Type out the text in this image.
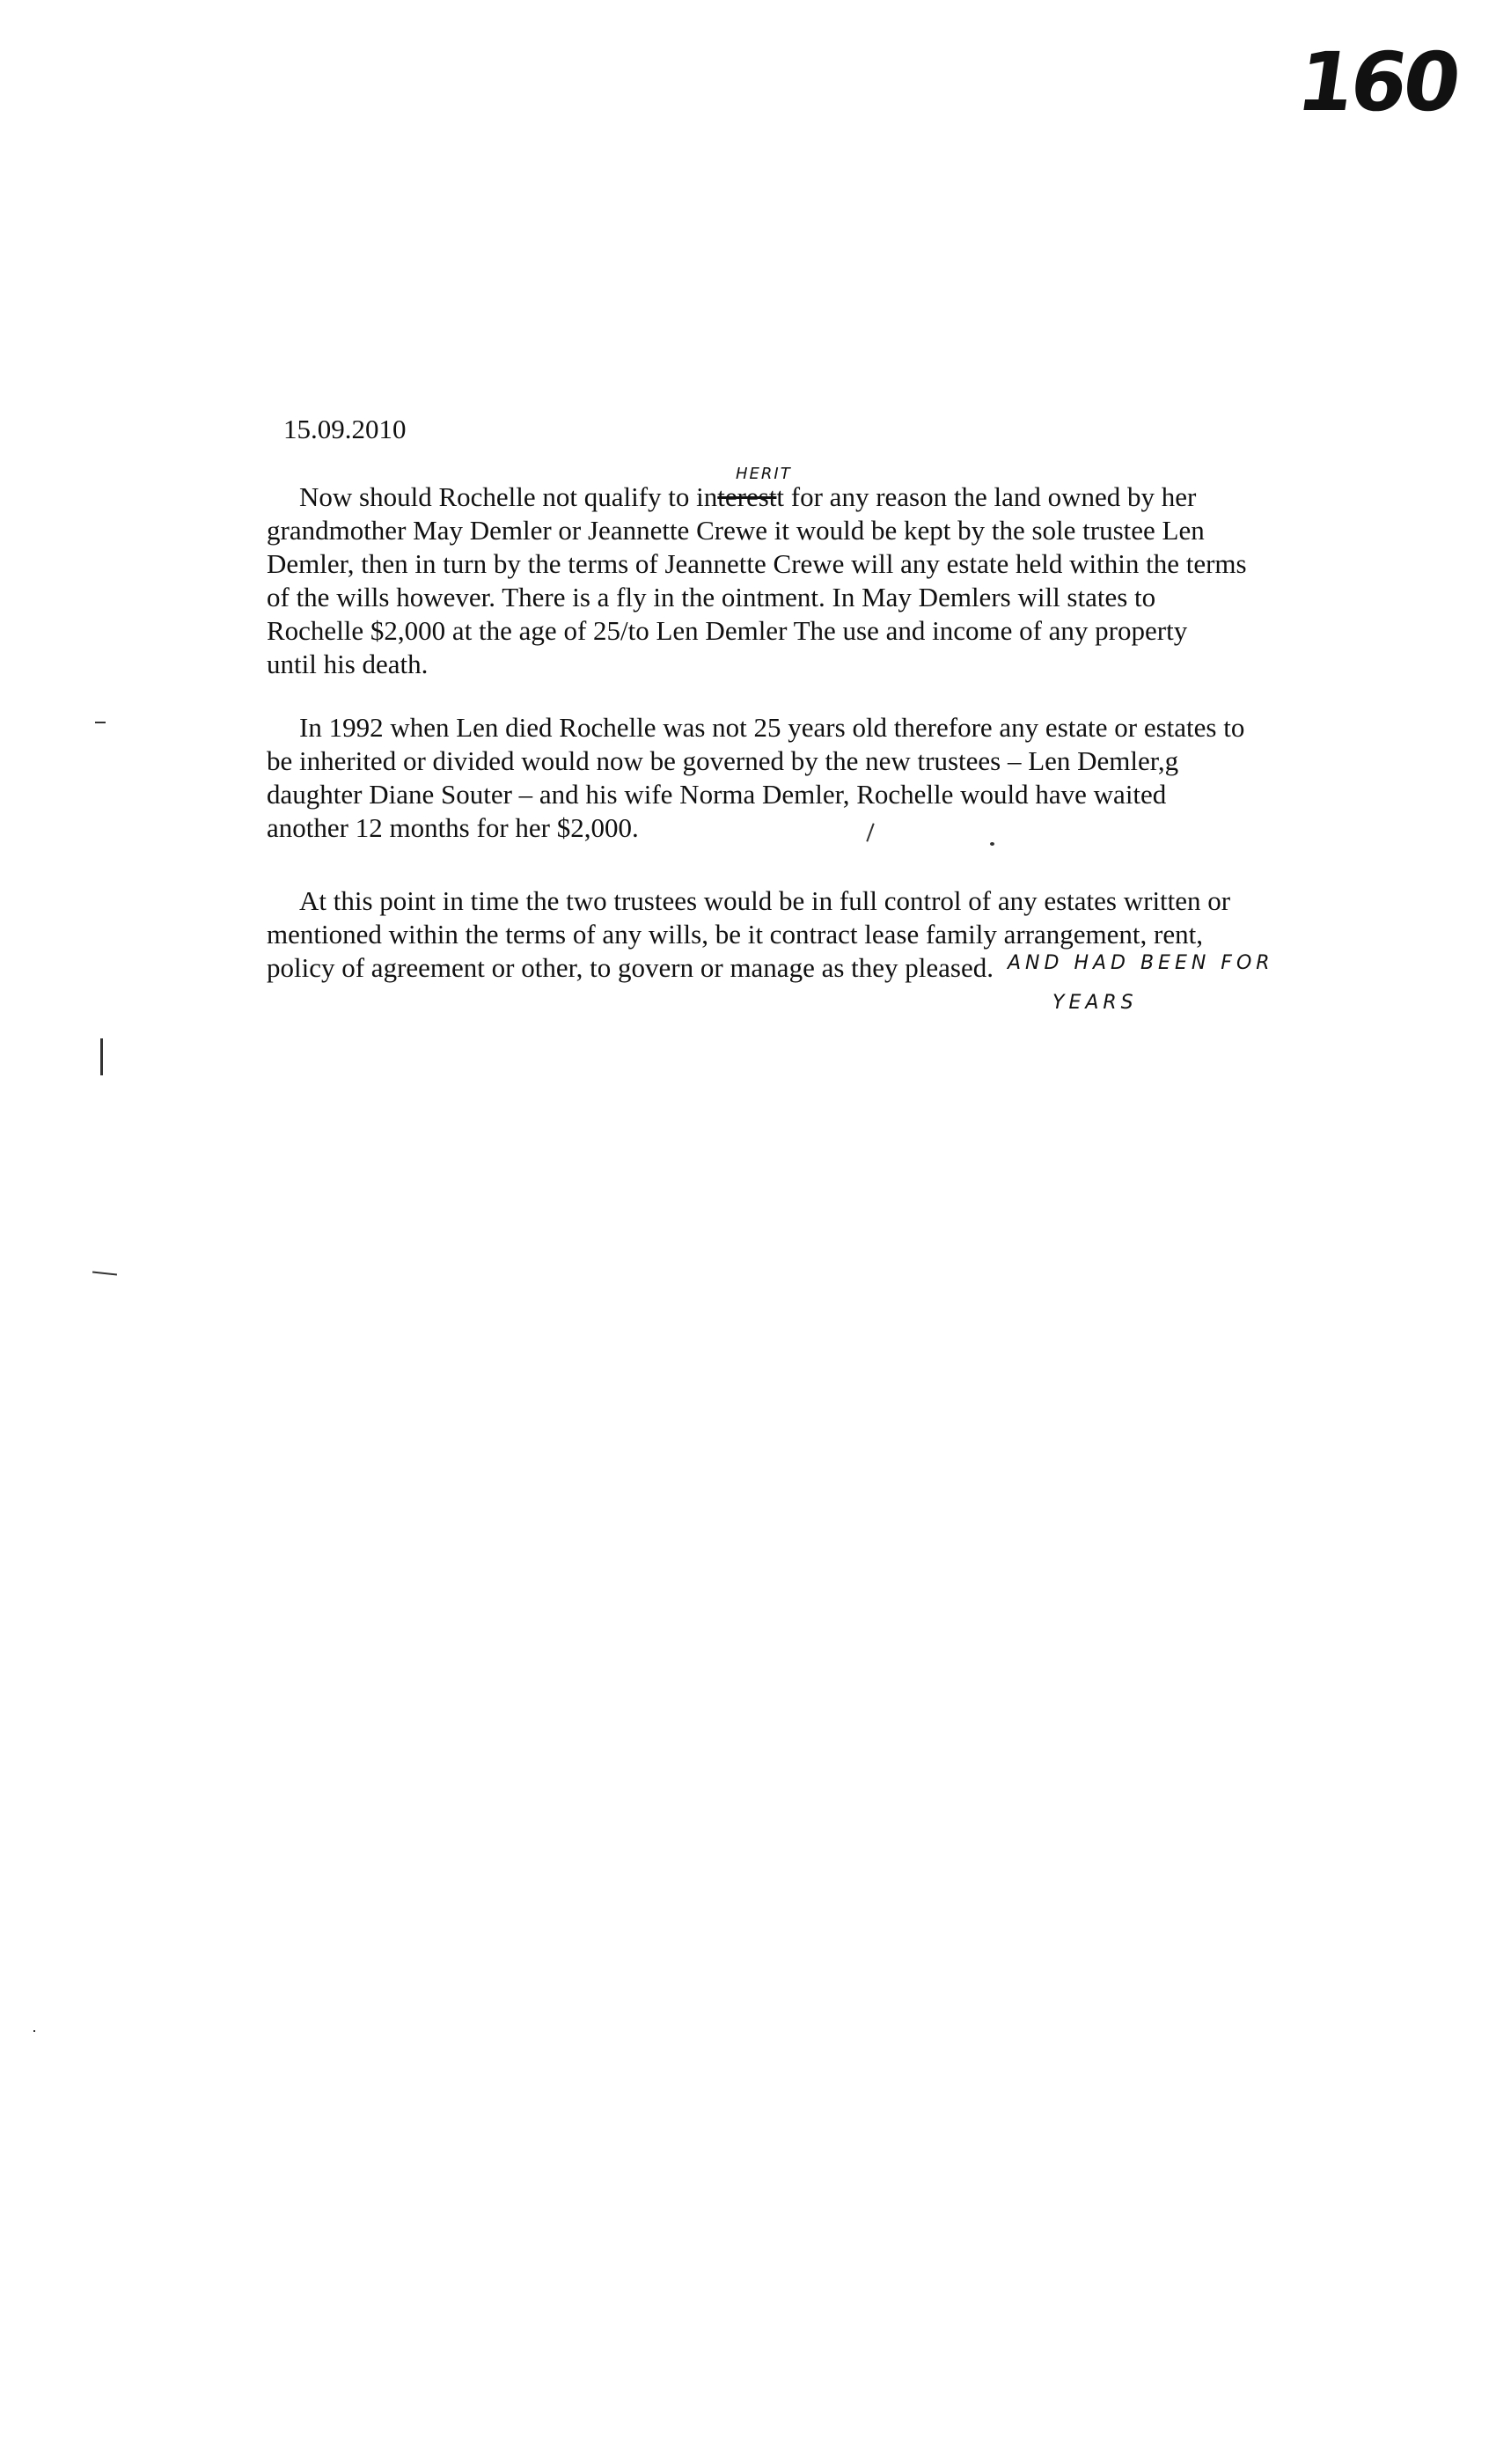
160
15.09.2010
HERIT

Now should Rochelle not qualify to interestt for any reason the land owned by her
grandmother May Demler or Jeannette Crewe it would be kept by the sole trustee Len
Demler, then in turn by the terms of Jeannette Crewe will any estate held within the terms
of the wills however. There is a fly in the ointment. In May Demlers will states to
Rochelle $2,000 at the age of 25/to Len Demler The use and income of any property
until his death.

In 1992 when Len died Rochelle was not 25 years old therefore any estate or estates to
be inherited or divided would now be governed by the new trustees – Len Demler,g
daughter Diane Souter – and his wife Norma Demler, Rochelle would have waited
another 12 months for her $2,000.

At this point in time the two trustees would be in full control of any estates written or
mentioned within the terms of any wills, be it contract lease family arrangement, rent,
policy of agreement or other, to govern or manage as they pleased. AND HAD BEEN FOR
YEARS
